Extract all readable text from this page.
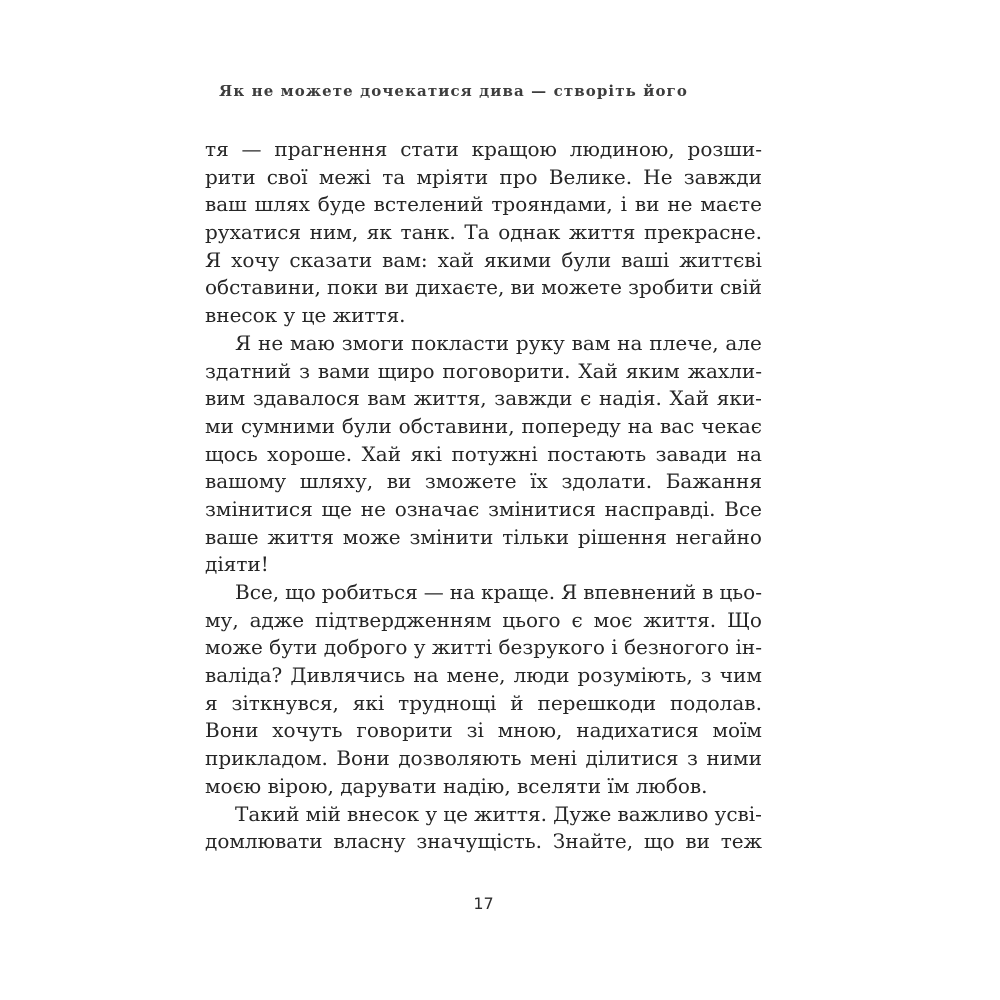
Як не можете дочекатися дива — створіть його
тя — прагнення стати кращою людиною, розши-
рити свої межі та мріяти про Велике. Не завжди
ваш шлях буде встелений трояндами, і ви не маєте
рухатися ним, як танк. Та однак життя прекрасне.
Я хочу сказати вам: хай якими були ваші життєві
обставини, поки ви дихаєте, ви можете зробити свій
внесок у це життя.
Я не маю змоги покласти руку вам на плече, але
здатний з вами щиро поговорити. Хай яким жахли-
вим здавалося вам життя, завжди є надія. Хай яки-
ми сумними були обставини, попереду на вас чекає
щось хороше. Хай які потужні постають завади на
вашому шляху, ви зможете їх здолати. Бажання
змінитися ще не означає змінитися насправді. Все
ваше життя може змінити тільки рішення негайно
діяти!
Все, що робиться — на краще. Я впевнений в цьо-
му, адже підтвердженням цього є моє життя. Що
може бути доброго у житті безрукого і безногого ін-
валіда? Дивлячись на мене, люди розуміють, з чим
я зіткнувся, які труднощі й перешкоди подолав.
Вони хочуть говорити зі мною, надихатися моїм
прикладом. Вони дозволяють мені ділитися з ними
моєю вірою, дарувати надію, вселяти їм любов.
Такий мій внесок у це життя. Дуже важливо усві-
домлювати власну значущість. Знайте, що ви теж
17
